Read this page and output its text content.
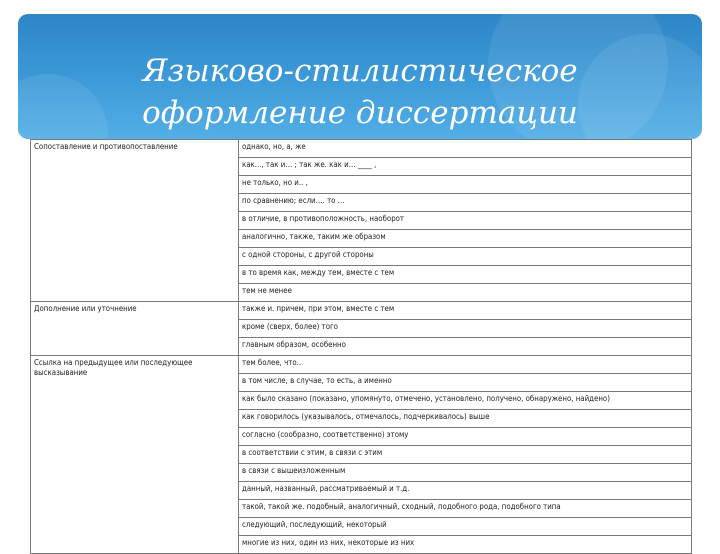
Языково-стилистическое
оформление диссертации
Сопоставление и противопоставление	однако, но, а, же
	как..., так и… ; так же. как и… ____ ,
	не только, но и.. ,
	по сравнению; если…. то …
	в отличие, в противоположность, наоборот
	аналогично, также, таким же образом
	с одной стороны, с другой стороны
	в то время как, между тем, вместе с тем
	тем не менее
Дополнение или уточнение	также и. причем, при этом, вместе с тем
	кроме (сверх, более) того
	главным образом, особенно
Ссылка на предыдущее или последующее высказывание	тем более, что..
	в том числе, в случае, то есть, а именно
	как было сказано (показано, упомянуто, отмечено, установлено, получено, обнаружено, найдено)
	как говорилось (указывалось, отмечалось, подчеркивалось) выше
	согласно (сообразно, соответственно) этому
	в соответствии с этим, в связи с этим
	в связи с вышеизложенным
	данный, названный, рассматриваемый и т.д.
	такой, такой же. подобный, аналогичный, сходный, подобного рода, подобного типа
	следующий, последующий, некоторый
	многие из них, один из них, некоторые из них
